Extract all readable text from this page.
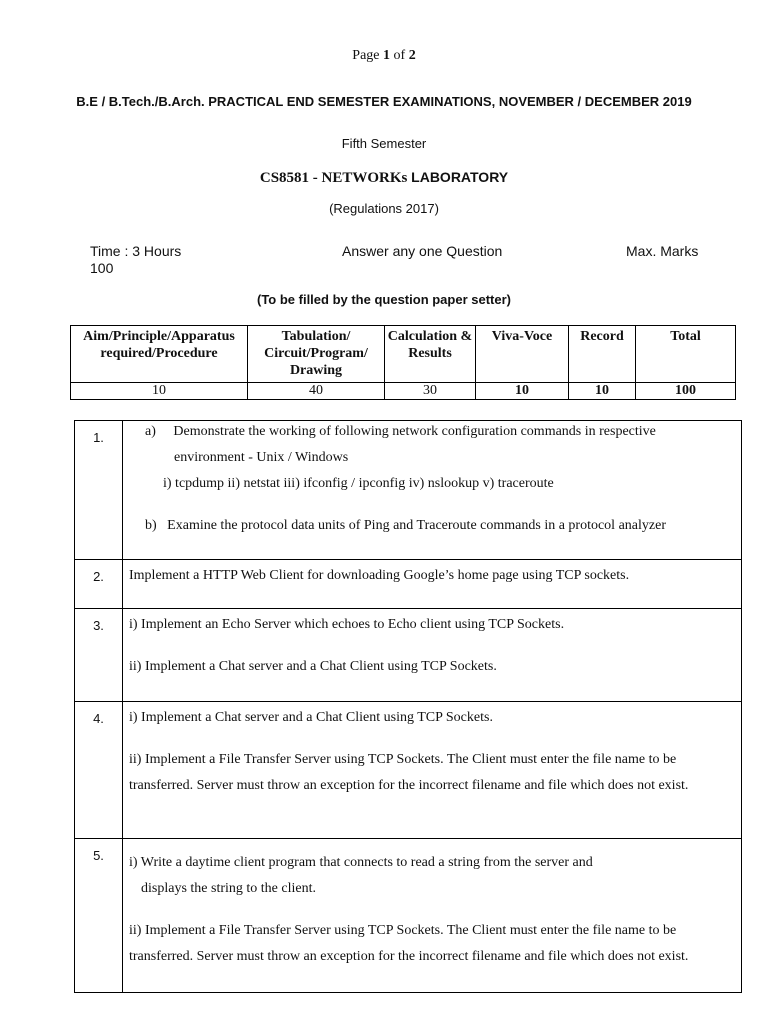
Page 1 of 2
B.E / B.Tech./B.Arch. PRACTICAL END SEMESTER EXAMINATIONS, NOVEMBER / DECEMBER 2019
Fifth Semester
CS8581 - NETWORKs LABORATORY
(Regulations 2017)
Time : 3 Hours
100
Answer any one Question	Max. Marks
(To be filled by the question paper setter)
Aim/Principle/Apparatus required/Procedure	Tabulation/ Circuit/Program/ Drawing	Calculation & Results	Viva-Voce	Record	Total
10	40	30	10	10	100
1.	a) Demonstrate the working of following network configuration commands in respective
environment - Unix / Windows
i) tcpdump ii) netstat iii) ifconfig / ipconfig iv) nslookup v) traceroute
b) Examine the protocol data units of Ping and Traceroute commands in a protocol analyzer

2.	Implement a HTTP Web Client for downloading Google’s home page using TCP sockets.

3.	i) Implement an Echo Server which echoes to Echo client using TCP Sockets.
ii) Implement a Chat server and a Chat Client using TCP Sockets.

4.	i) Implement a Chat server and a Chat Client using TCP Sockets.
ii) Implement a File Transfer Server using TCP Sockets. The Client must enter the file name to be
transferred. Server must throw an exception for the incorrect filename and file which does not exist.

5.	i) Write a daytime client program that connects to read a string from the server and
displays the string to the client.
ii) Implement a File Transfer Server using TCP Sockets. The Client must enter the file name to be
transferred. Server must throw an exception for the incorrect filename and file which does not exist.
